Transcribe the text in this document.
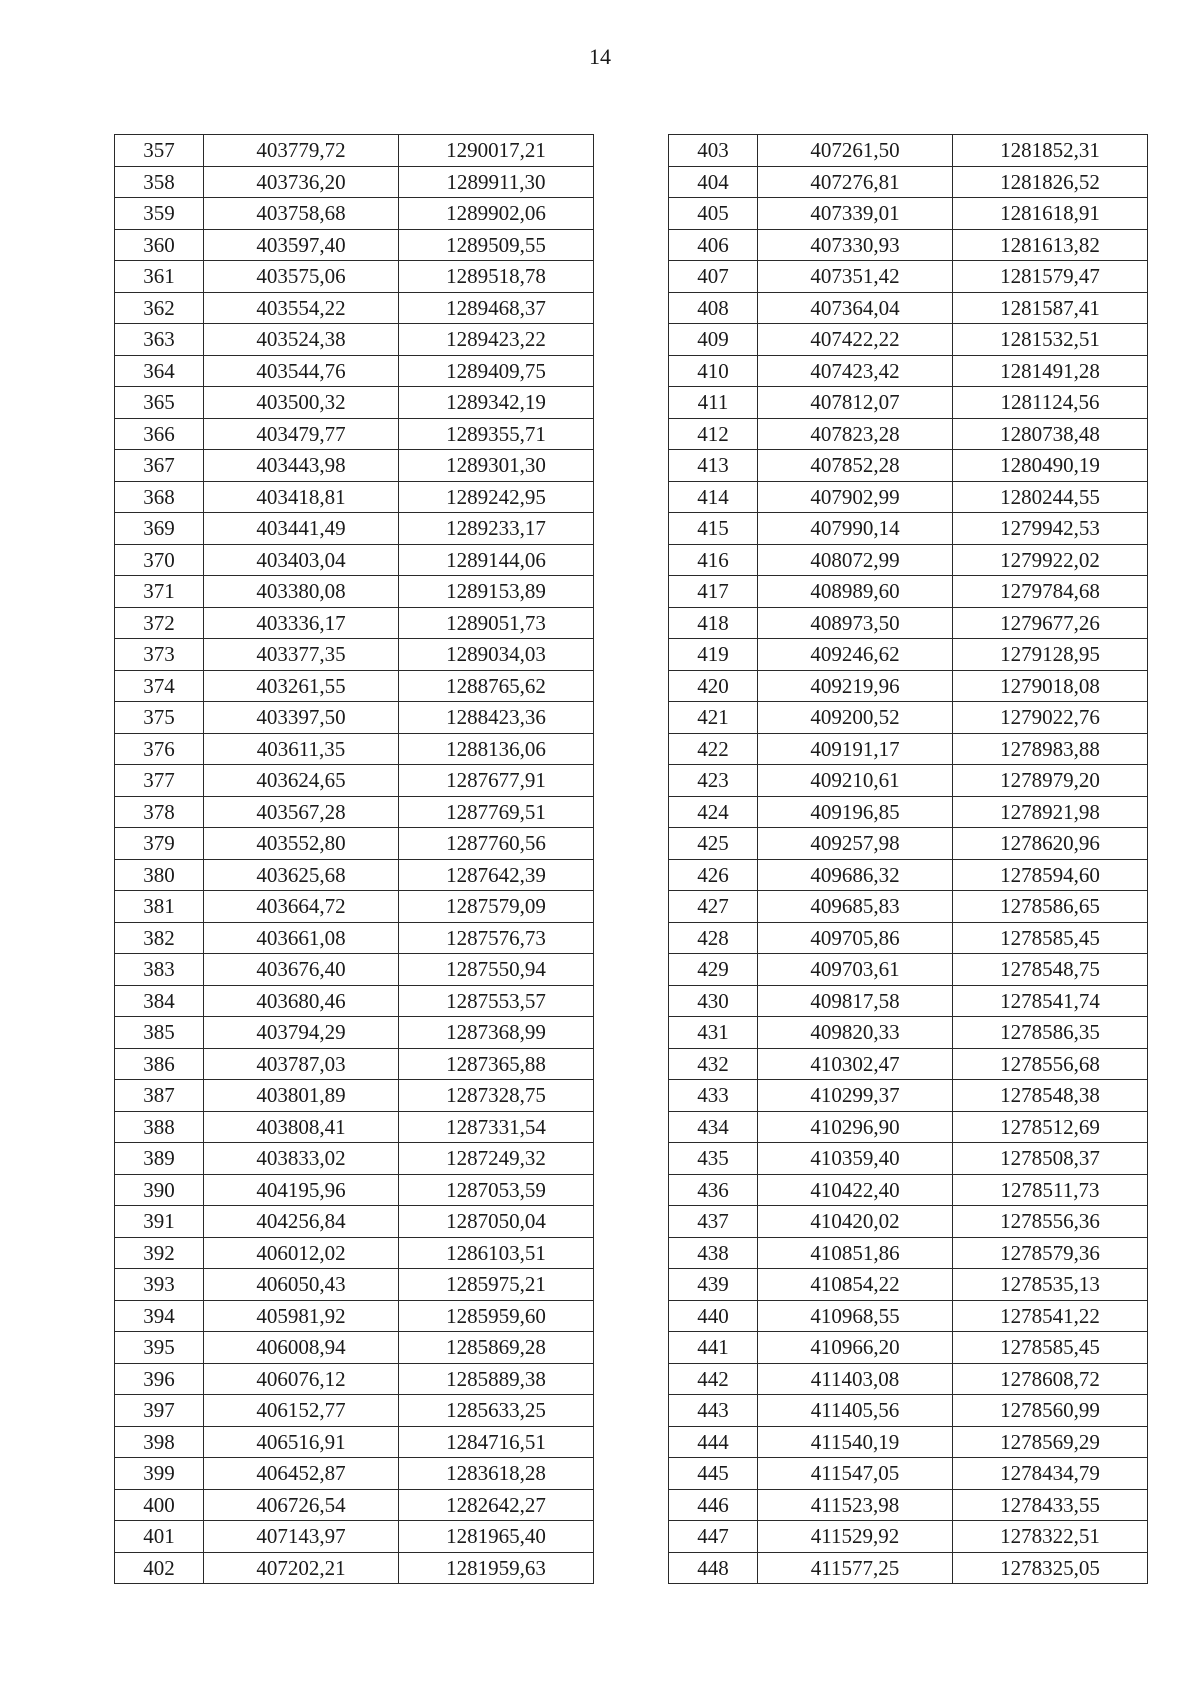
14
357	403779,72	1290017,21
358	403736,20	1289911,30
359	403758,68	1289902,06
360	403597,40	1289509,55
361	403575,06	1289518,78
362	403554,22	1289468,37
363	403524,38	1289423,22
364	403544,76	1289409,75
365	403500,32	1289342,19
366	403479,77	1289355,71
367	403443,98	1289301,30
368	403418,81	1289242,95
369	403441,49	1289233,17
370	403403,04	1289144,06
371	403380,08	1289153,89
372	403336,17	1289051,73
373	403377,35	1289034,03
374	403261,55	1288765,62
375	403397,50	1288423,36
376	403611,35	1288136,06
377	403624,65	1287677,91
378	403567,28	1287769,51
379	403552,80	1287760,56
380	403625,68	1287642,39
381	403664,72	1287579,09
382	403661,08	1287576,73
383	403676,40	1287550,94
384	403680,46	1287553,57
385	403794,29	1287368,99
386	403787,03	1287365,88
387	403801,89	1287328,75
388	403808,41	1287331,54
389	403833,02	1287249,32
390	404195,96	1287053,59
391	404256,84	1287050,04
392	406012,02	1286103,51
393	406050,43	1285975,21
394	405981,92	1285959,60
395	406008,94	1285869,28
396	406076,12	1285889,38
397	406152,77	1285633,25
398	406516,91	1284716,51
399	406452,87	1283618,28
400	406726,54	1282642,27
401	407143,97	1281965,40
402	407202,21	1281959,63
403	407261,50	1281852,31
404	407276,81	1281826,52
405	407339,01	1281618,91
406	407330,93	1281613,82
407	407351,42	1281579,47
408	407364,04	1281587,41
409	407422,22	1281532,51
410	407423,42	1281491,28
411	407812,07	1281124,56
412	407823,28	1280738,48
413	407852,28	1280490,19
414	407902,99	1280244,55
415	407990,14	1279942,53
416	408072,99	1279922,02
417	408989,60	1279784,68
418	408973,50	1279677,26
419	409246,62	1279128,95
420	409219,96	1279018,08
421	409200,52	1279022,76
422	409191,17	1278983,88
423	409210,61	1278979,20
424	409196,85	1278921,98
425	409257,98	1278620,96
426	409686,32	1278594,60
427	409685,83	1278586,65
428	409705,86	1278585,45
429	409703,61	1278548,75
430	409817,58	1278541,74
431	409820,33	1278586,35
432	410302,47	1278556,68
433	410299,37	1278548,38
434	410296,90	1278512,69
435	410359,40	1278508,37
436	410422,40	1278511,73
437	410420,02	1278556,36
438	410851,86	1278579,36
439	410854,22	1278535,13
440	410968,55	1278541,22
441	410966,20	1278585,45
442	411403,08	1278608,72
443	411405,56	1278560,99
444	411540,19	1278569,29
445	411547,05	1278434,79
446	411523,98	1278433,55
447	411529,92	1278322,51
448	411577,25	1278325,05
